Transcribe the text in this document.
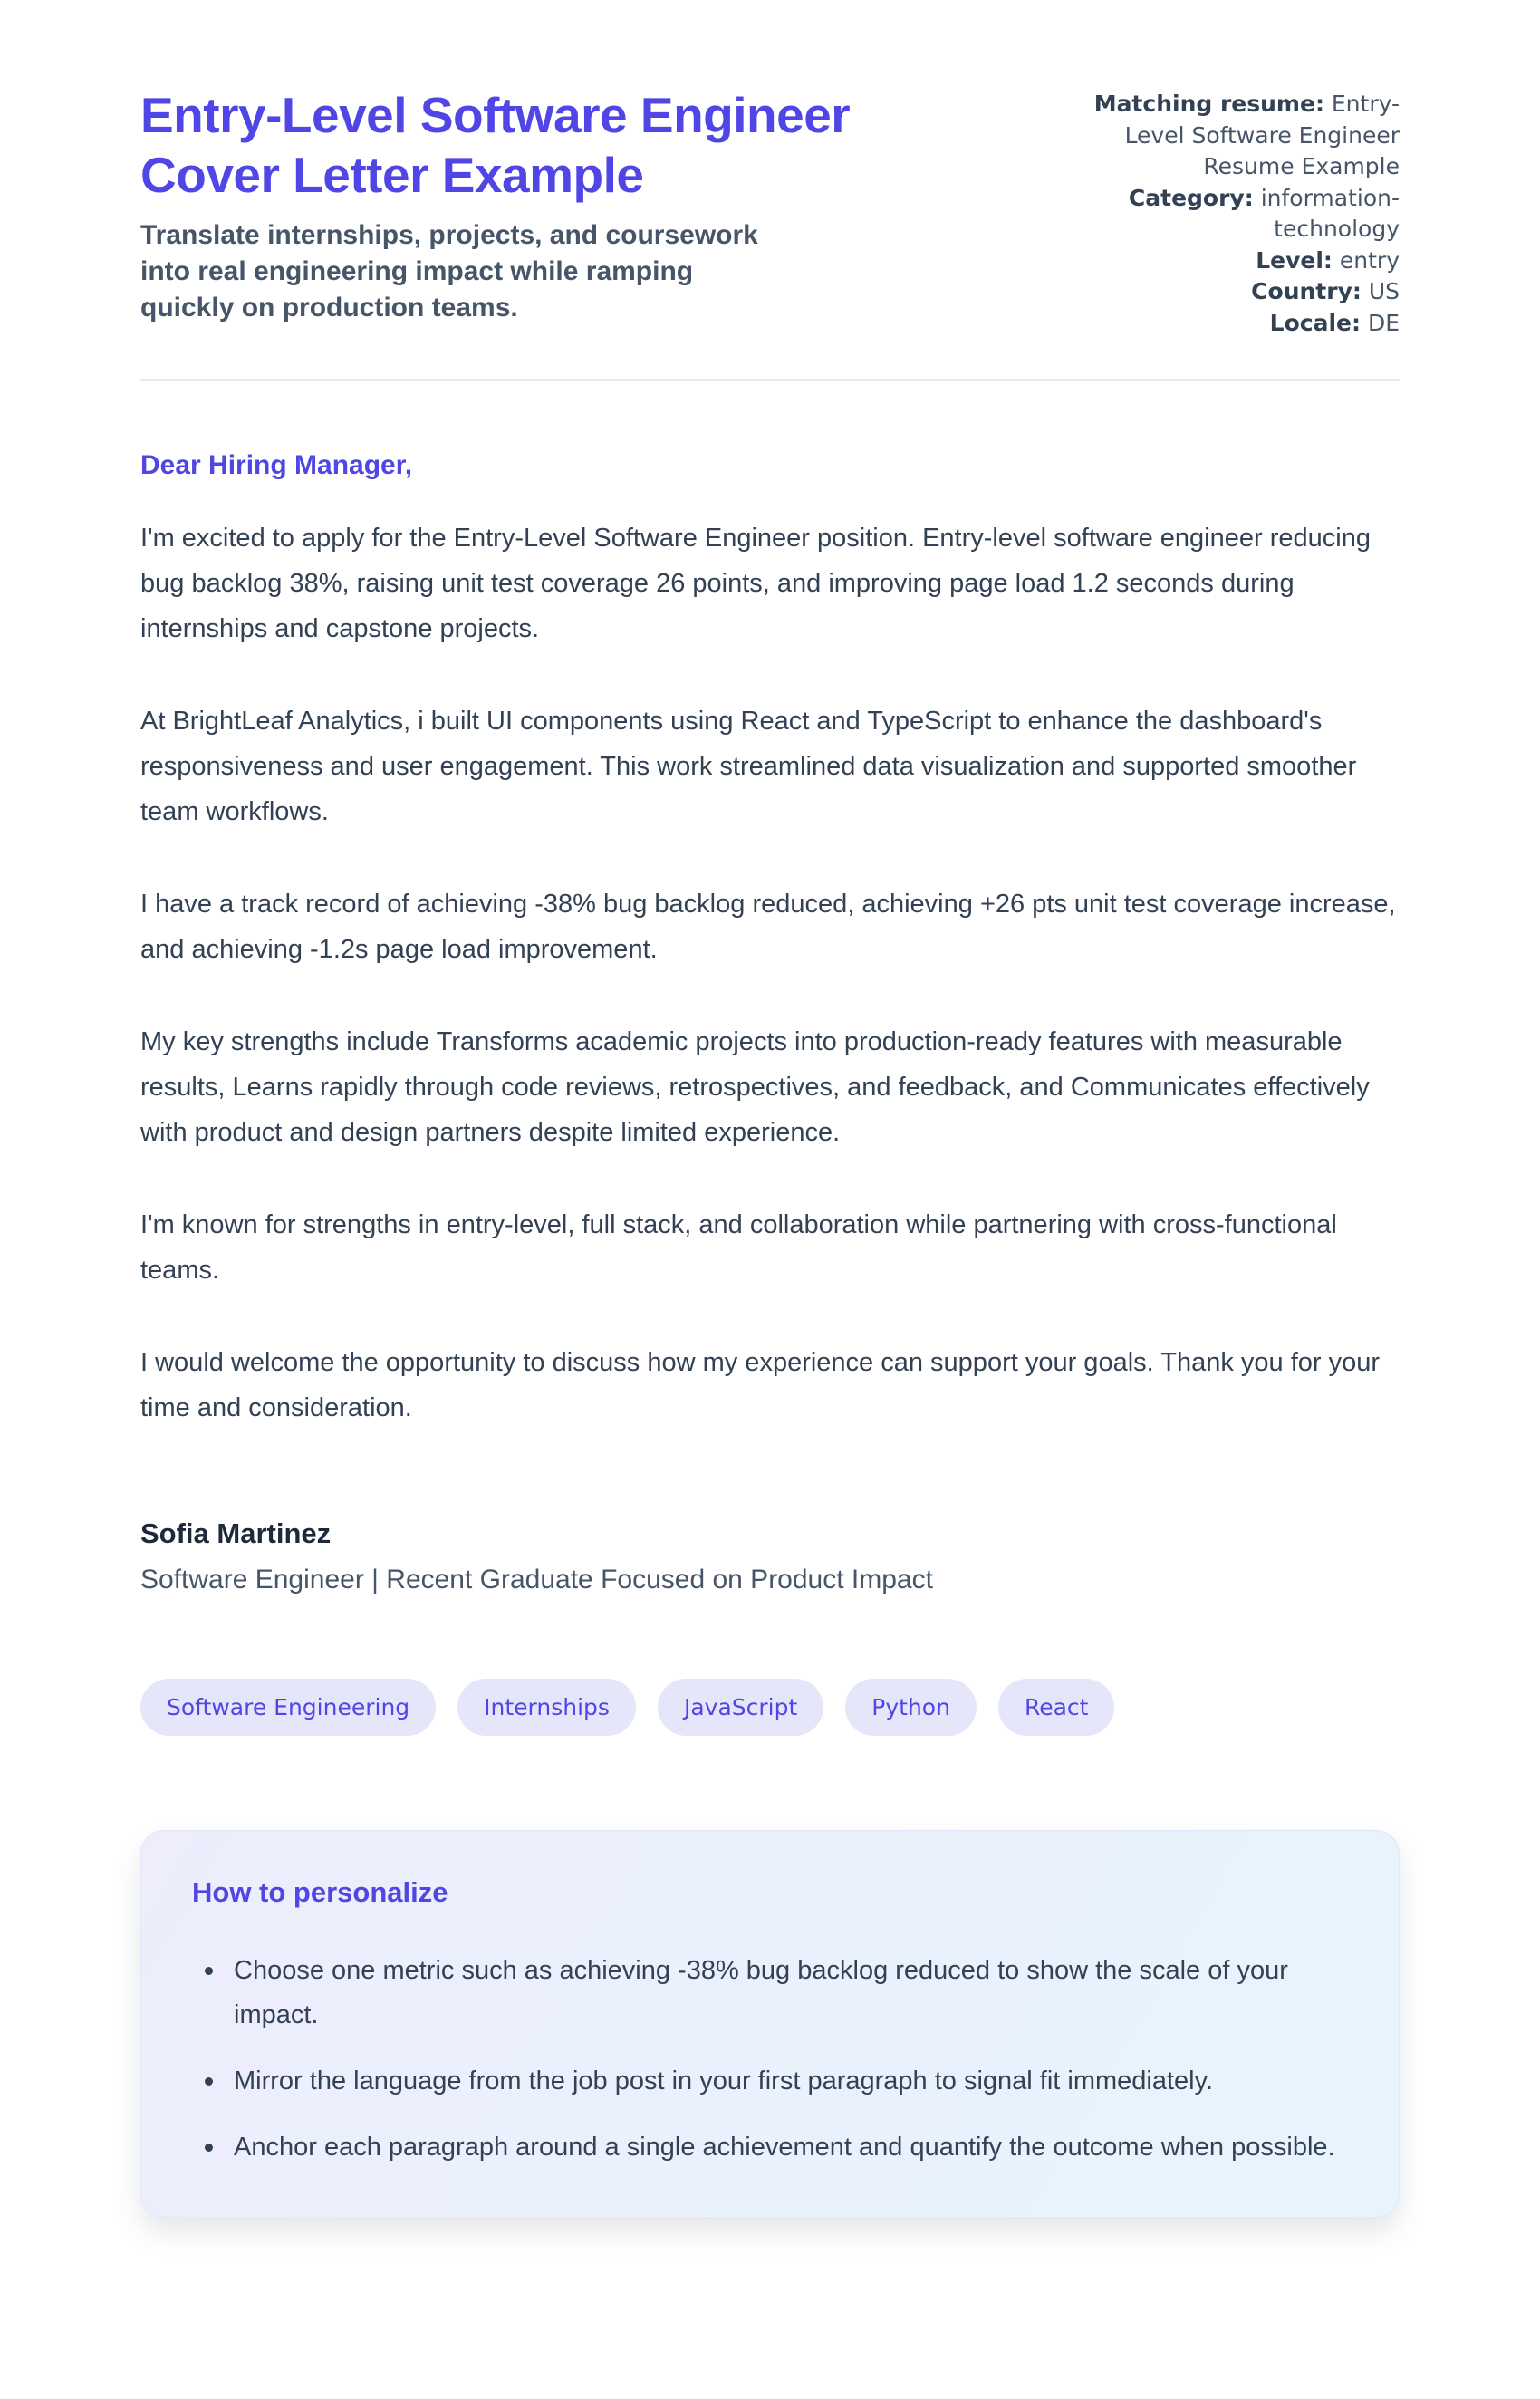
Entry-Level Software Engineer Cover Letter Example

Translate internships, projects, and coursework into real engineering impact while ramping quickly on production teams.

Matching resume: Entry-Level Software Engineer Resume Example
Category: information-technology
Level: entry
Country: US
Locale: DE

Dear Hiring Manager,

I'm excited to apply for the Entry-Level Software Engineer position. Entry-level software engineer reducing bug backlog 38%, raising unit test coverage 26 points, and improving page load 1.2 seconds during internships and capstone projects.

At BrightLeaf Analytics, i built UI components using React and TypeScript to enhance the dashboard's responsiveness and user engagement. This work streamlined data visualization and supported smoother team workflows.

I have a track record of achieving -38% bug backlog reduced, achieving +26 pts unit test coverage increase, and achieving -1.2s page load improvement.

My key strengths include Transforms academic projects into production-ready features with measurable results, Learns rapidly through code reviews, retrospectives, and feedback, and Communicates effectively with product and design partners despite limited experience.

I'm known for strengths in entry-level, full stack, and collaboration while partnering with cross-functional teams.

I would welcome the opportunity to discuss how my experience can support your goals. Thank you for your time and consideration.

Sofia Martinez

Software Engineer | Recent Graduate Focused on Product Impact

Software Engineering	Internships	JavaScript	Python	React
How to personalize
Choose one metric such as achieving -38% bug backlog reduced to show the scale of your impact.
Mirror the language from the job post in your first paragraph to signal fit immediately.
Anchor each paragraph around a single achievement and quantify the outcome when possible.
